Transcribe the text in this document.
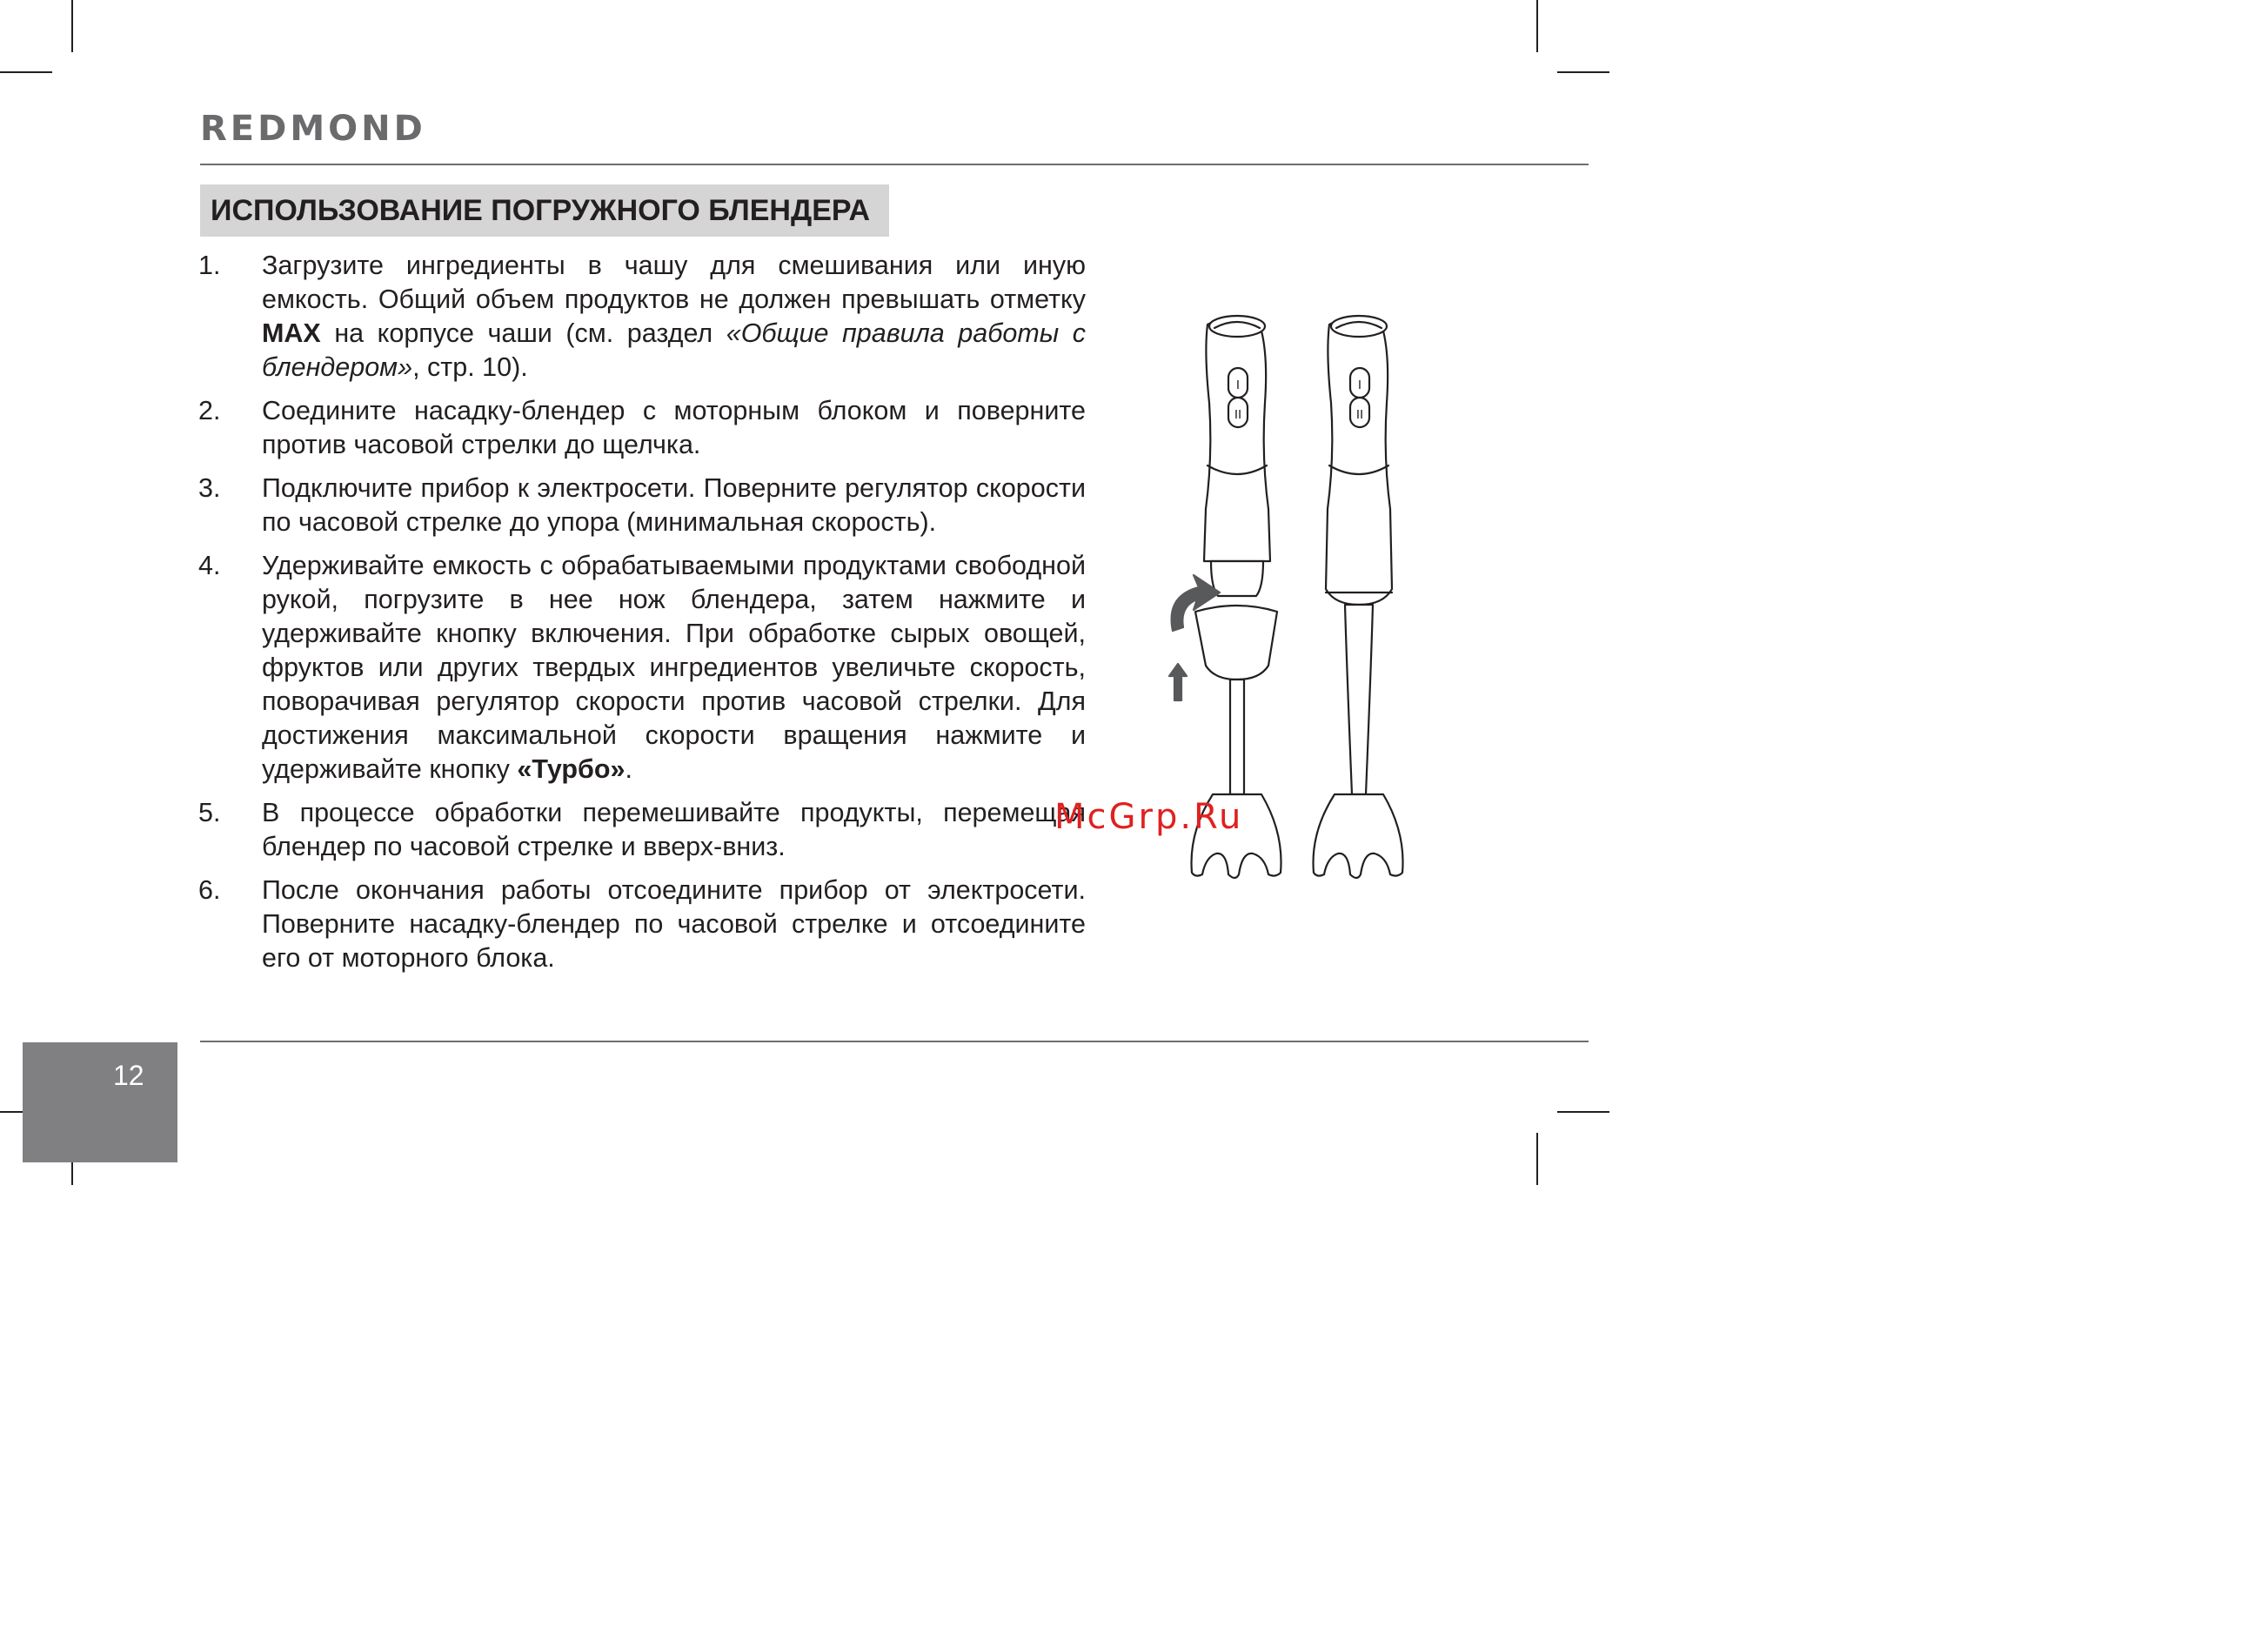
REDMOND
ИСПОЛЬЗОВАНИЕ ПОГРУЖНОГО БЛЕНДЕРА
1. Загрузите ингредиенты в чашу для смешивания или иную емкость. Общий объем продуктов не должен превышать отметку MAX на корпусе чаши (см. раздел «Общие правила работы с блендером», стр. 10).
2. Соедините насадку-блендер с моторным блоком и поверните против часовой стрелки до щелчка.
3. Подключите прибор к электросети. Поверните регулятор скорости по часовой стрелке до упора (минимальная скорость).
4. Удерживайте емкость с обрабатываемыми продуктами свободной рукой, погрузите в нее нож блендера, затем нажмите и удерживайте кнопку включения. При обработке сырых овощей, фруктов или других твердых ингредиентов увеличьте скорость, поворачивая регулятор скорости против часовой стрелки. Для достижения максимальной скорости вращения нажмите и удерживайте кнопку «Турбо».
5. В процессе обработки перемешивайте продукты, перемещая блендер по часовой стрелке и вверх-вниз.
6. После окончания работы отсоедините прибор от электросети. Поверните насадку-блендер по часовой стрелке и отсоедините его от моторного блока.
I
II
I
II
McGrp.Ru
12
